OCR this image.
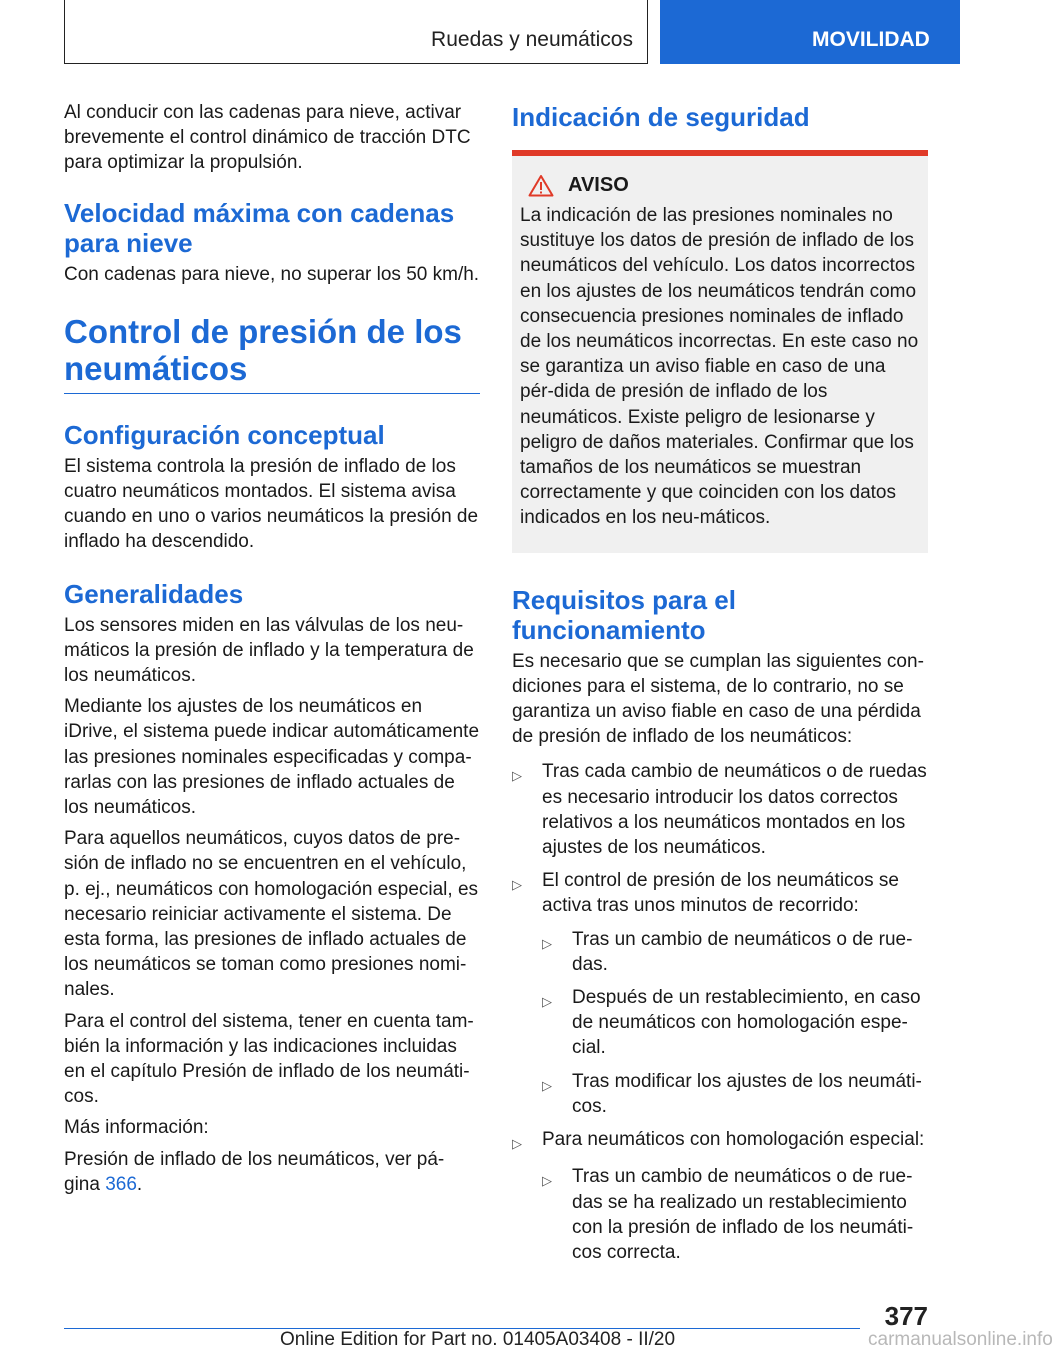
Ruedas y neumáticos	MOVILIDAD

Al conducir con las cadenas para nieve, activar brevemente el control dinámico de tracción DTC para optimizar la propulsión.

Velocidad máxima con cadenas para nieve

Con cadenas para nieve, no superar los 50 km/h.

Control de presión de los neumáticos
Configuración conceptual

El sistema controla la presión de inflado de los cuatro neumáticos montados. El sistema avisa cuando en uno o varios neumáticos la presión de inflado ha descendido.

Generalidades

Los sensores miden en las válvulas de los neu‐máticos la presión de inflado y la temperatura de los neumáticos.

Mediante los ajustes de los neumáticos en iDrive, el sistema puede indicar automáticamente las presiones nominales especificadas y compa‐rarlas con las presiones de inflado actuales de los neumáticos.

Para aquellos neumáticos, cuyos datos de pre‐sión de inflado no se encuentren en el vehículo, p. ej., neumáticos con homologación especial, es necesario reiniciar activamente el sistema. De esta forma, las presiones de inflado actuales de los neumáticos se toman como presiones nomi‐nales.

Para el control del sistema, tener en cuenta tam‐bién la información y las indicaciones incluidas en el capítulo Presión de inflado de los neumáti‐cos.

Más información:

Presión de inflado de los neumáticos, ver pá‐gina 366.

Indicación de seguridad
AVISO

La indicación de las presiones nominales no sustituye los datos de presión de inflado de los neumáticos del vehículo. Los datos incorrectos en los ajustes de los neumáticos tendrán como consecuencia presiones nominales de inflado de los neumáticos incorrectas. En este caso no se garantiza un aviso fiable en caso de una pér‐dida de presión de inflado de los neumáticos. Existe peligro de lesionarse y peligro de daños materiales. Confirmar que los tamaños de los neumáticos se muestran correctamente y que coinciden con los datos indicados en los neu‐máticos.

Requisitos para el funcionamiento

Es necesario que se cumplan las siguientes con‐diciones para el sistema, de lo contrario, no se garantiza un aviso fiable en caso de una pérdida de presión de inflado de los neumáticos:

▷	Tras cada cambio de neumáticos o de ruedas es necesario introducir los datos correctos relativos a los neumáticos montados en los ajustes de los neumáticos.
▷	El control de presión de los neumáticos se activa tras unos minutos de recorrido:
▷	Tras un cambio de neumáticos o de rue‐das.
▷	Después de un restablecimiento, en caso de neumáticos con homologación espe‐cial.
▷	Tras modificar los ajustes de los neumáti‐cos.
▷	Para neumáticos con homologación especial:
▷	Tras un cambio de neumáticos o de rue‐das se ha realizado un restablecimiento con la presión de inflado de los neumáti‐cos correcta.
377
Online Edition for Part no. 01405A03408 - II/20	carmanualsonline.info
